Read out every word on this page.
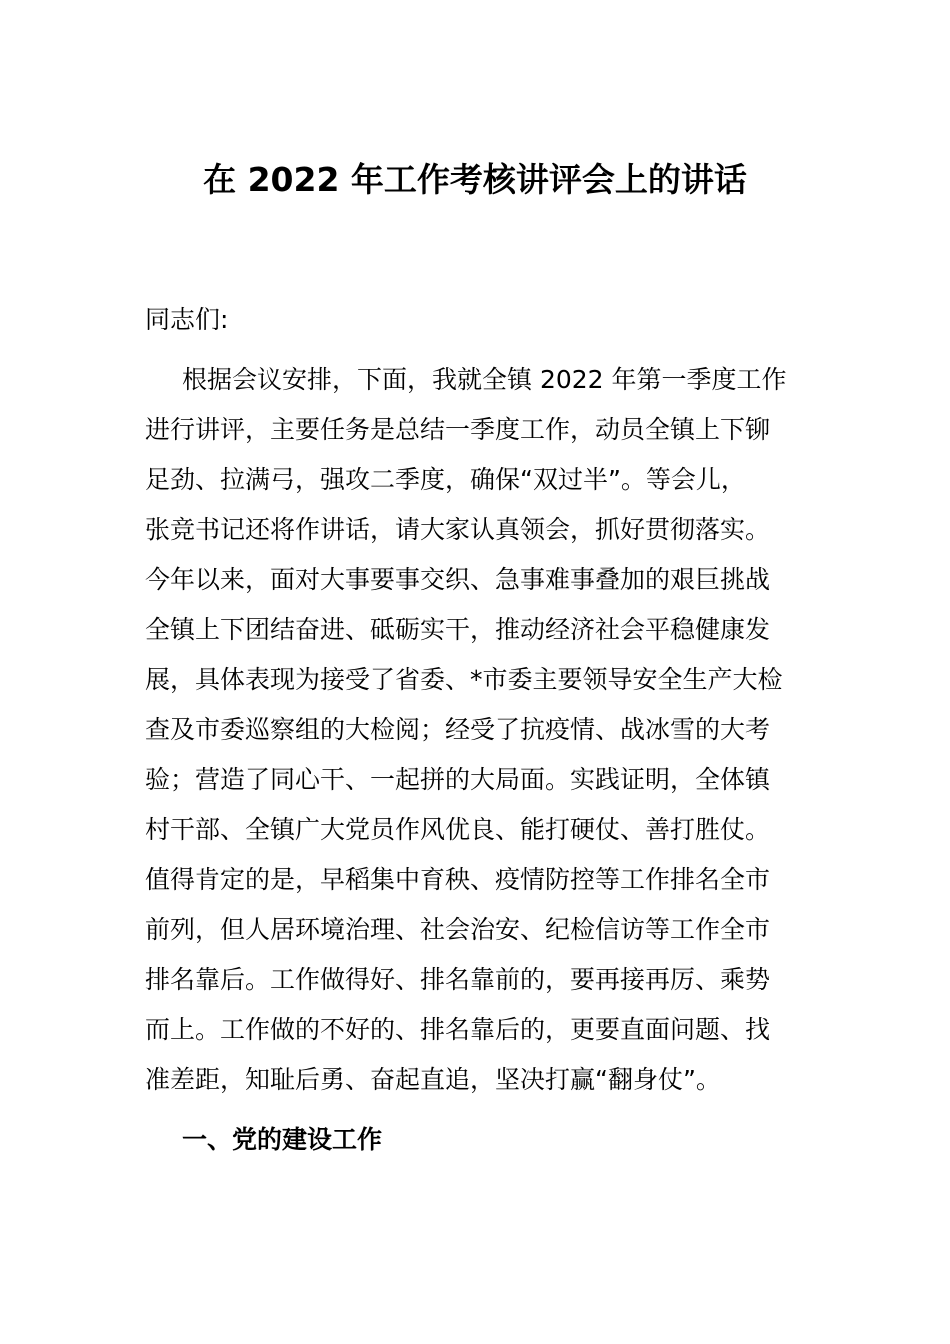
在 2022 年工作考核讲评会上的讲话
同志们:
根据会议安排，下面，我就全镇 2022 年第一季度工作
进行讲评，主要任务是总结一季度工作，动员全镇上下铆
足劲、拉满弓，强攻二季度，确保“双过半”。等会儿，
张竞书记还将作讲话，请大家认真领会，抓好贯彻落实。
今年以来，面对大事要事交织、急事难事叠加的艰巨挑战
全镇上下团结奋进、砥砺实干，推动经济社会平稳健康发
展，具体表现为接受了省委、*市委主要领导安全生产大检
查及市委巡察组的大检阅；经受了抗疫情、战冰雪的大考
验；营造了同心干、一起拼的大局面。实践证明，全体镇
村干部、全镇广大党员作风优良、能打硬仗、善打胜仗。
值得肯定的是，早稻集中育秧、疫情防控等工作排名全市
前列，但人居环境治理、社会治安、纪检信访等工作全市
排名靠后。工作做得好、排名靠前的，要再接再厉、乘势
而上。工作做的不好的、排名靠后的，更要直面问题、找
准差距，知耻后勇、奋起直追，坚决打赢“翻身仗”。
一、党的建设工作
